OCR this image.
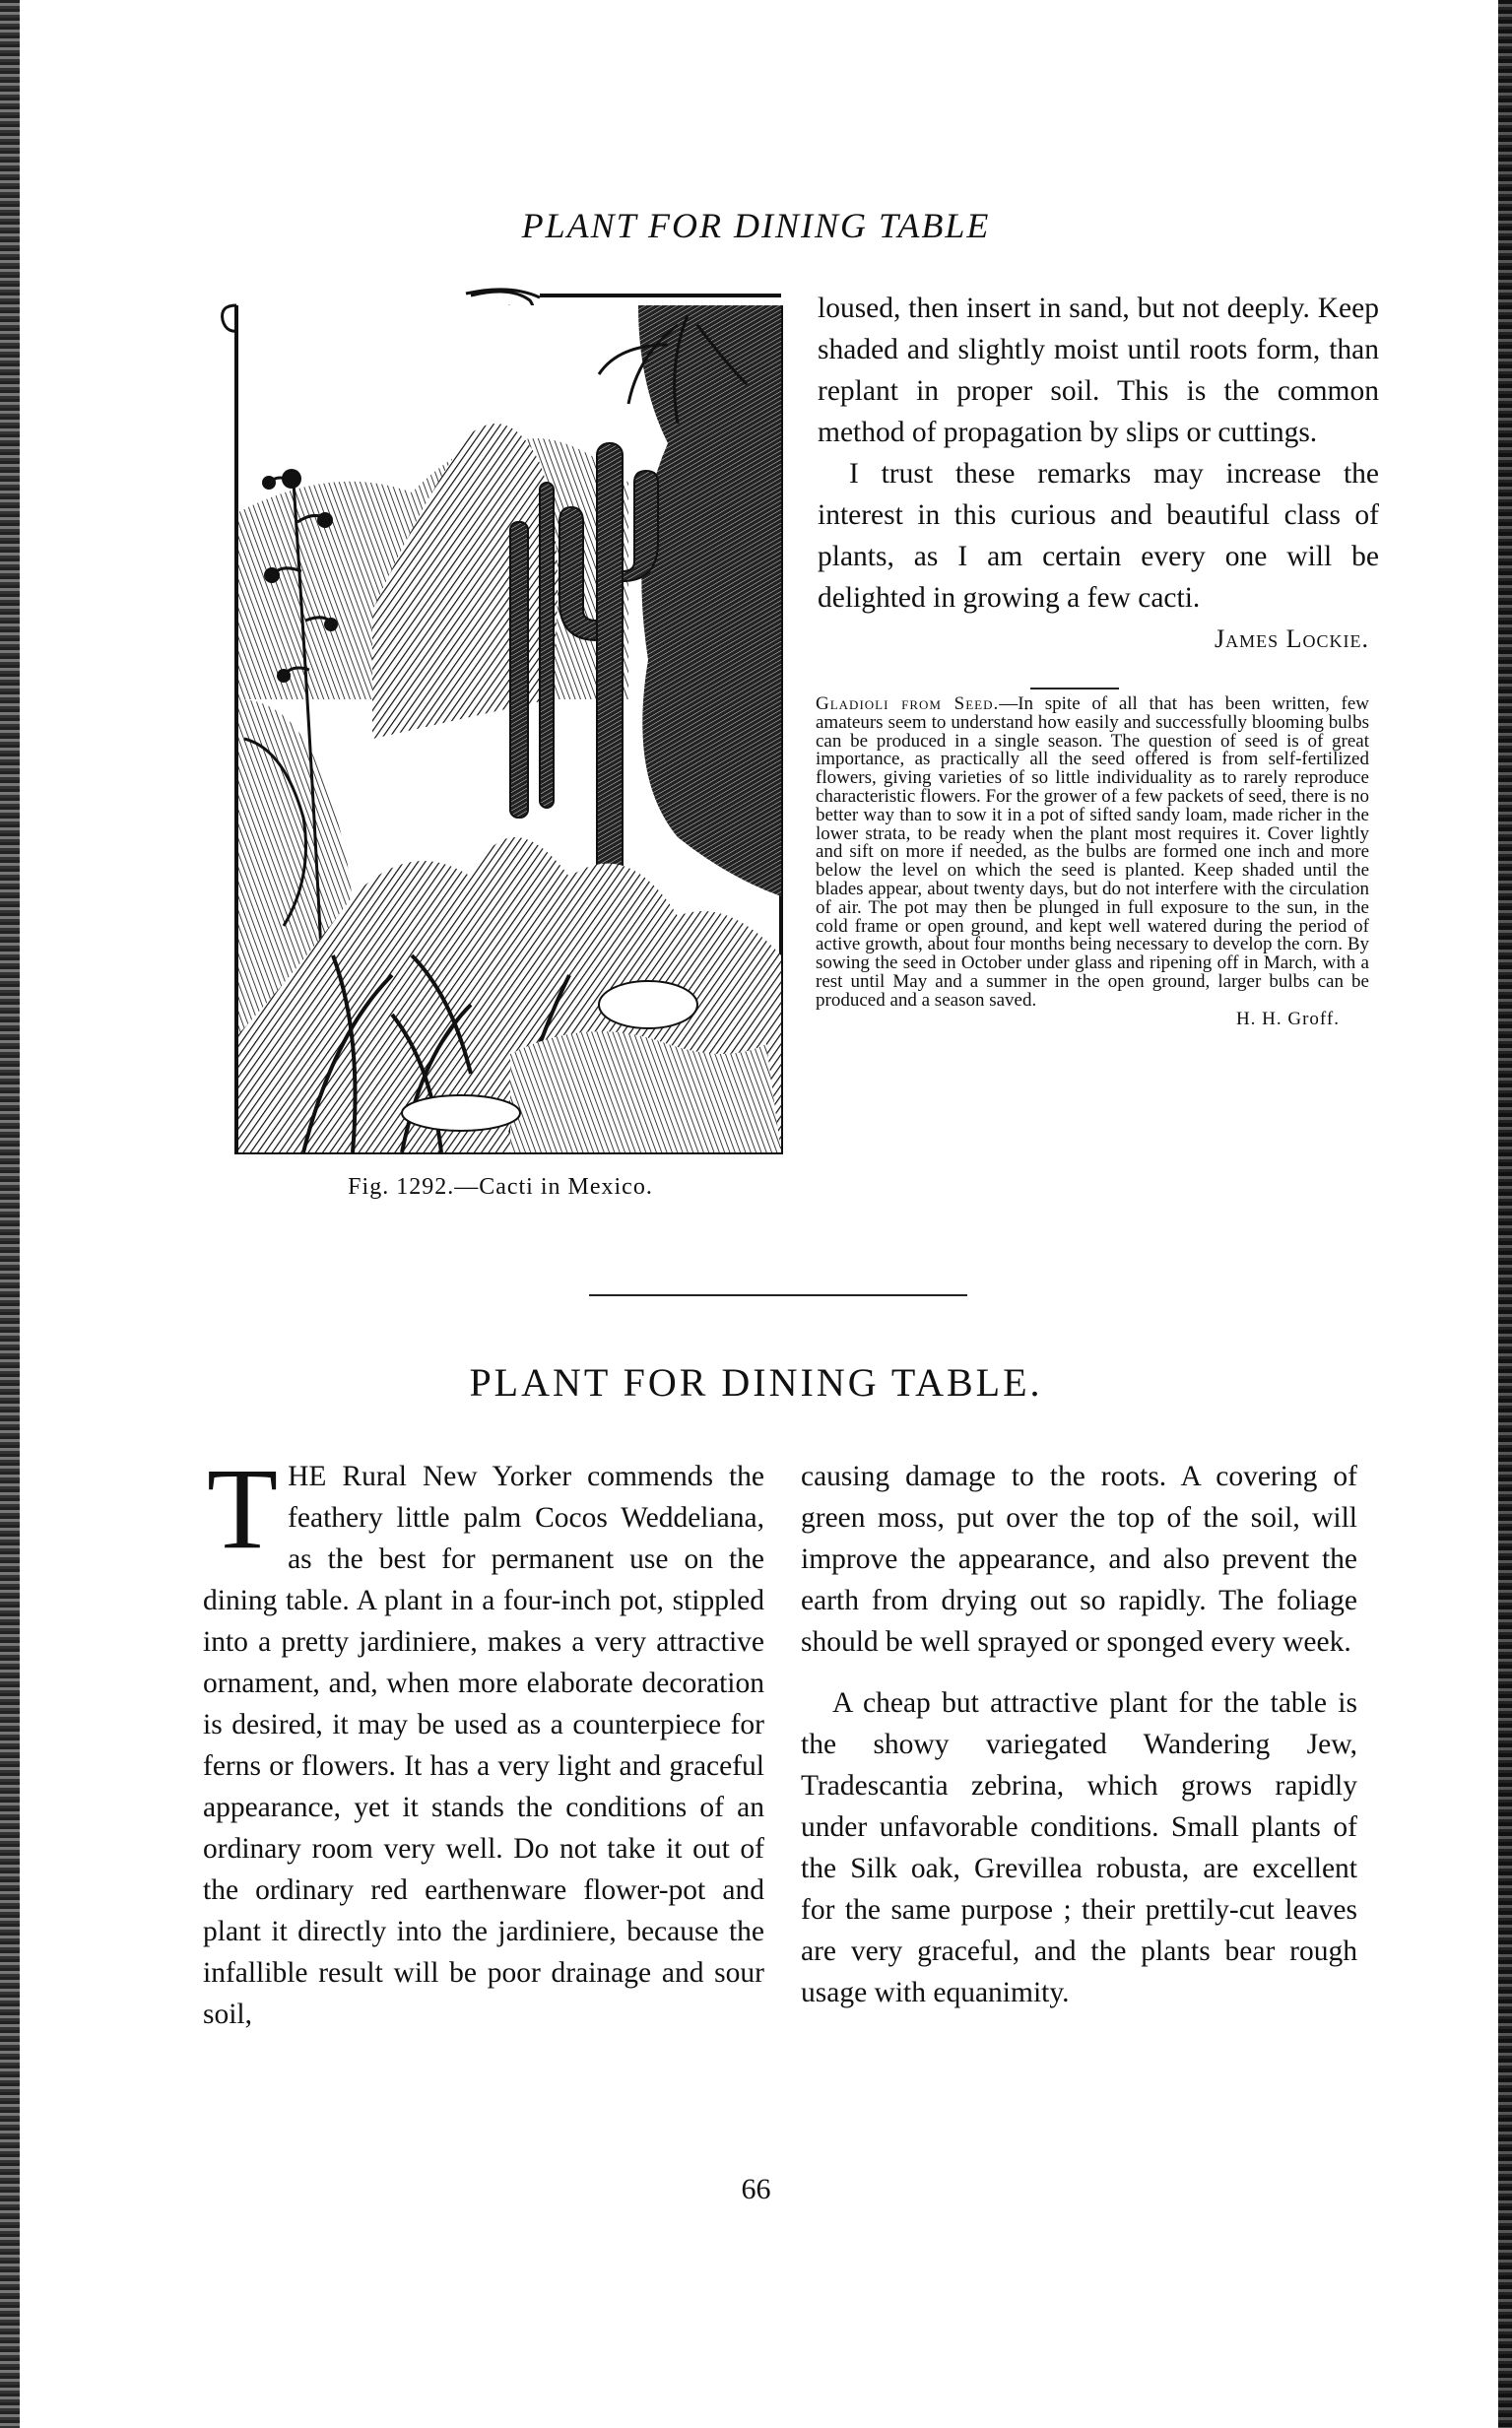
PLANT FOR DINING TABLE
Fig. 1292.—Cacti in Mexico.

loused, then insert in sand, but not deeply. Keep shaded and slightly moist until roots form, than replant in proper soil. This is the common method of propagation by slips or cuttings.

I trust these remarks may increase the interest in this curious and beautiful class of plants, as I am certain every one will be delighted in growing a few cacti.

James Lockie.
Gladioli from Seed.—In spite of all that has been written, few amateurs seem to understand how easily and successfully blooming bulbs can be produced in a single season. The question of seed is of great importance, as practically all the seed offered is from self-fertilized flowers, giving varieties of so little individuality as to rarely reproduce characteristic flowers. For the grower of a few packets of seed, there is no better way than to sow it in a pot of sifted sandy loam, made richer in the lower strata, to be ready when the plant most requires it. Cover lightly and sift on more if needed, as the bulbs are formed one inch and more below the level on which the seed is planted. Keep shaded until the blades appear, about twenty days, but do not interfere with the circulation of air. The pot may then be plunged in full exposure to the sun, in the cold frame or open ground, and kept well watered during the period of active growth, about four months being necessary to develop the corn. By sowing the seed in October under glass and ripening off in March, with a rest until May and a summer in the open ground, larger bulbs can be produced and a season saved.
H. H. Groff.
PLANT FOR DINING TABLE.

THE Rural New Yorker commends the feathery little palm Cocos Weddeliana, as the best for permanent use on the dining table. A plant in a four-inch pot, stippled into a pretty jardiniere, makes a very attractive ornament, and, when more elaborate decoration is desired, it may be used as a counterpiece for ferns or flowers. It has a very light and graceful appearance, yet it stands the conditions of an ordinary room very well. Do not take it out of the ordinary red earthenware flower-pot and plant it directly into the jardiniere, because the infallible result will be poor drainage and sour soil,

causing damage to the roots. A covering of green moss, put over the top of the soil, will improve the appearance, and also prevent the earth from drying out so rapidly. The foliage should be well sprayed or sponged every week.

A cheap but attractive plant for the table is the showy variegated Wandering Jew, Tradescantia zebrina, which grows rapidly under unfavorable conditions. Small plants of the Silk oak, Grevillea robusta, are excellent for the same purpose ; their prettily-cut leaves are very graceful, and the plants bear rough usage with equanimity.

66
